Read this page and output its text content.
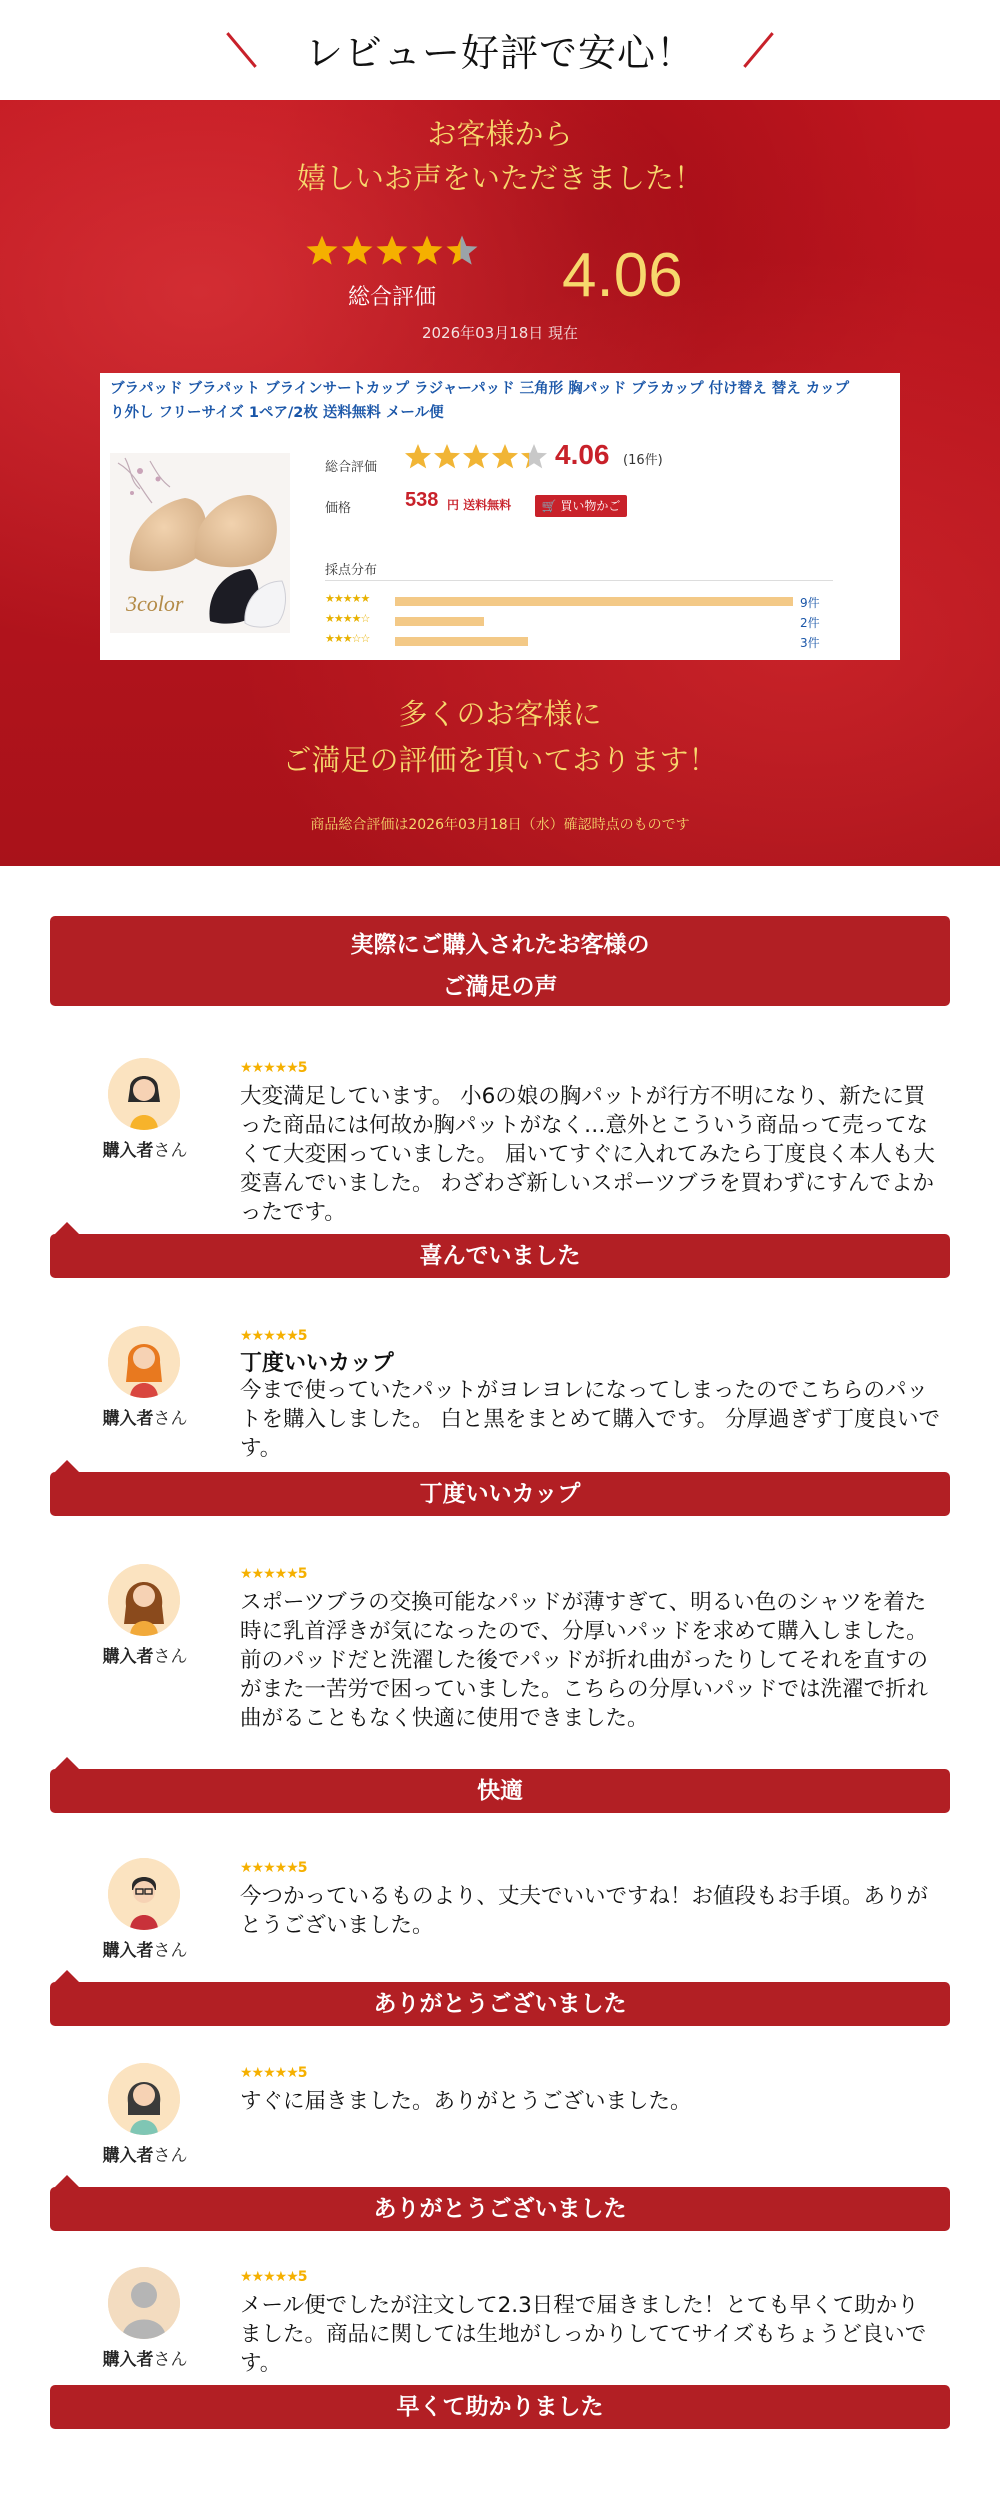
レビュー好評で安心！
お客様から
嬉しいお声をいただきました！
総合評価	4.06
2026年03月18日 現在
ブラパッド ブラパット ブラインサートカップ ラジャーパッド 三角形 胸パッド ブラカップ 付け替え 替え カップ
り外し フリーサイズ 1ペア/2枚 送料無料 メール便
3color
総合評価	4.06 (16件)
価格	538 円 送料無料	🛒 買い物かご
採点分布
★★★★★	9件
★★★★☆	2件
★★★☆☆	3件
多くのお客様に
ご満足の評価を頂いております！
商品総合評価は2026年03月18日（水）確認時点のものです
実際にご購入されたお客様の
ご満足の声
購入者さん
★★★★★5
大変満足しています。 小6の娘の胸パットが行方不明になり、新たに買った商品には何故か胸パットがなく…意外とこういう商品って売ってなくて大変困っていました。 届いてすぐに入れてみたら丁度良く本人も大変喜んでいました。 わざわざ新しいスポーツブラを買わずにすんでよかったです。
喜んでいました
購入者さん
★★★★★5
丁度いいカップ
今まで使っていたパットがヨレヨレになってしまったのでこちらのパットを購入しました。 白と黒をまとめて購入です。 分厚過ぎず丁度良いです。
丁度いいカップ
購入者さん
★★★★★5
スポーツブラの交換可能なパッドが薄すぎて、明るい色のシャツを着た時に乳首浮きが気になったので、分厚いパッドを求めて購入しました。前のパッドだと洗濯した後でパッドが折れ曲がったりしてそれを直すのがまた一苦労で困っていました。こちらの分厚いパッドでは洗濯で折れ曲がることもなく快適に使用できました。
快適
購入者さん
★★★★★5
今つかっているものより、丈夫でいいですね！お値段もお手頃。ありがとうございました。
ありがとうございました
購入者さん
★★★★★5
すぐに届きました。ありがとうございました。
ありがとうございました
購入者さん
★★★★★5
メール便でしたが注文して2.3日程で届きました！とても早くて助かりました。商品に関しては生地がしっかりしててサイズもちょうど良いです。
早くて助かりました
